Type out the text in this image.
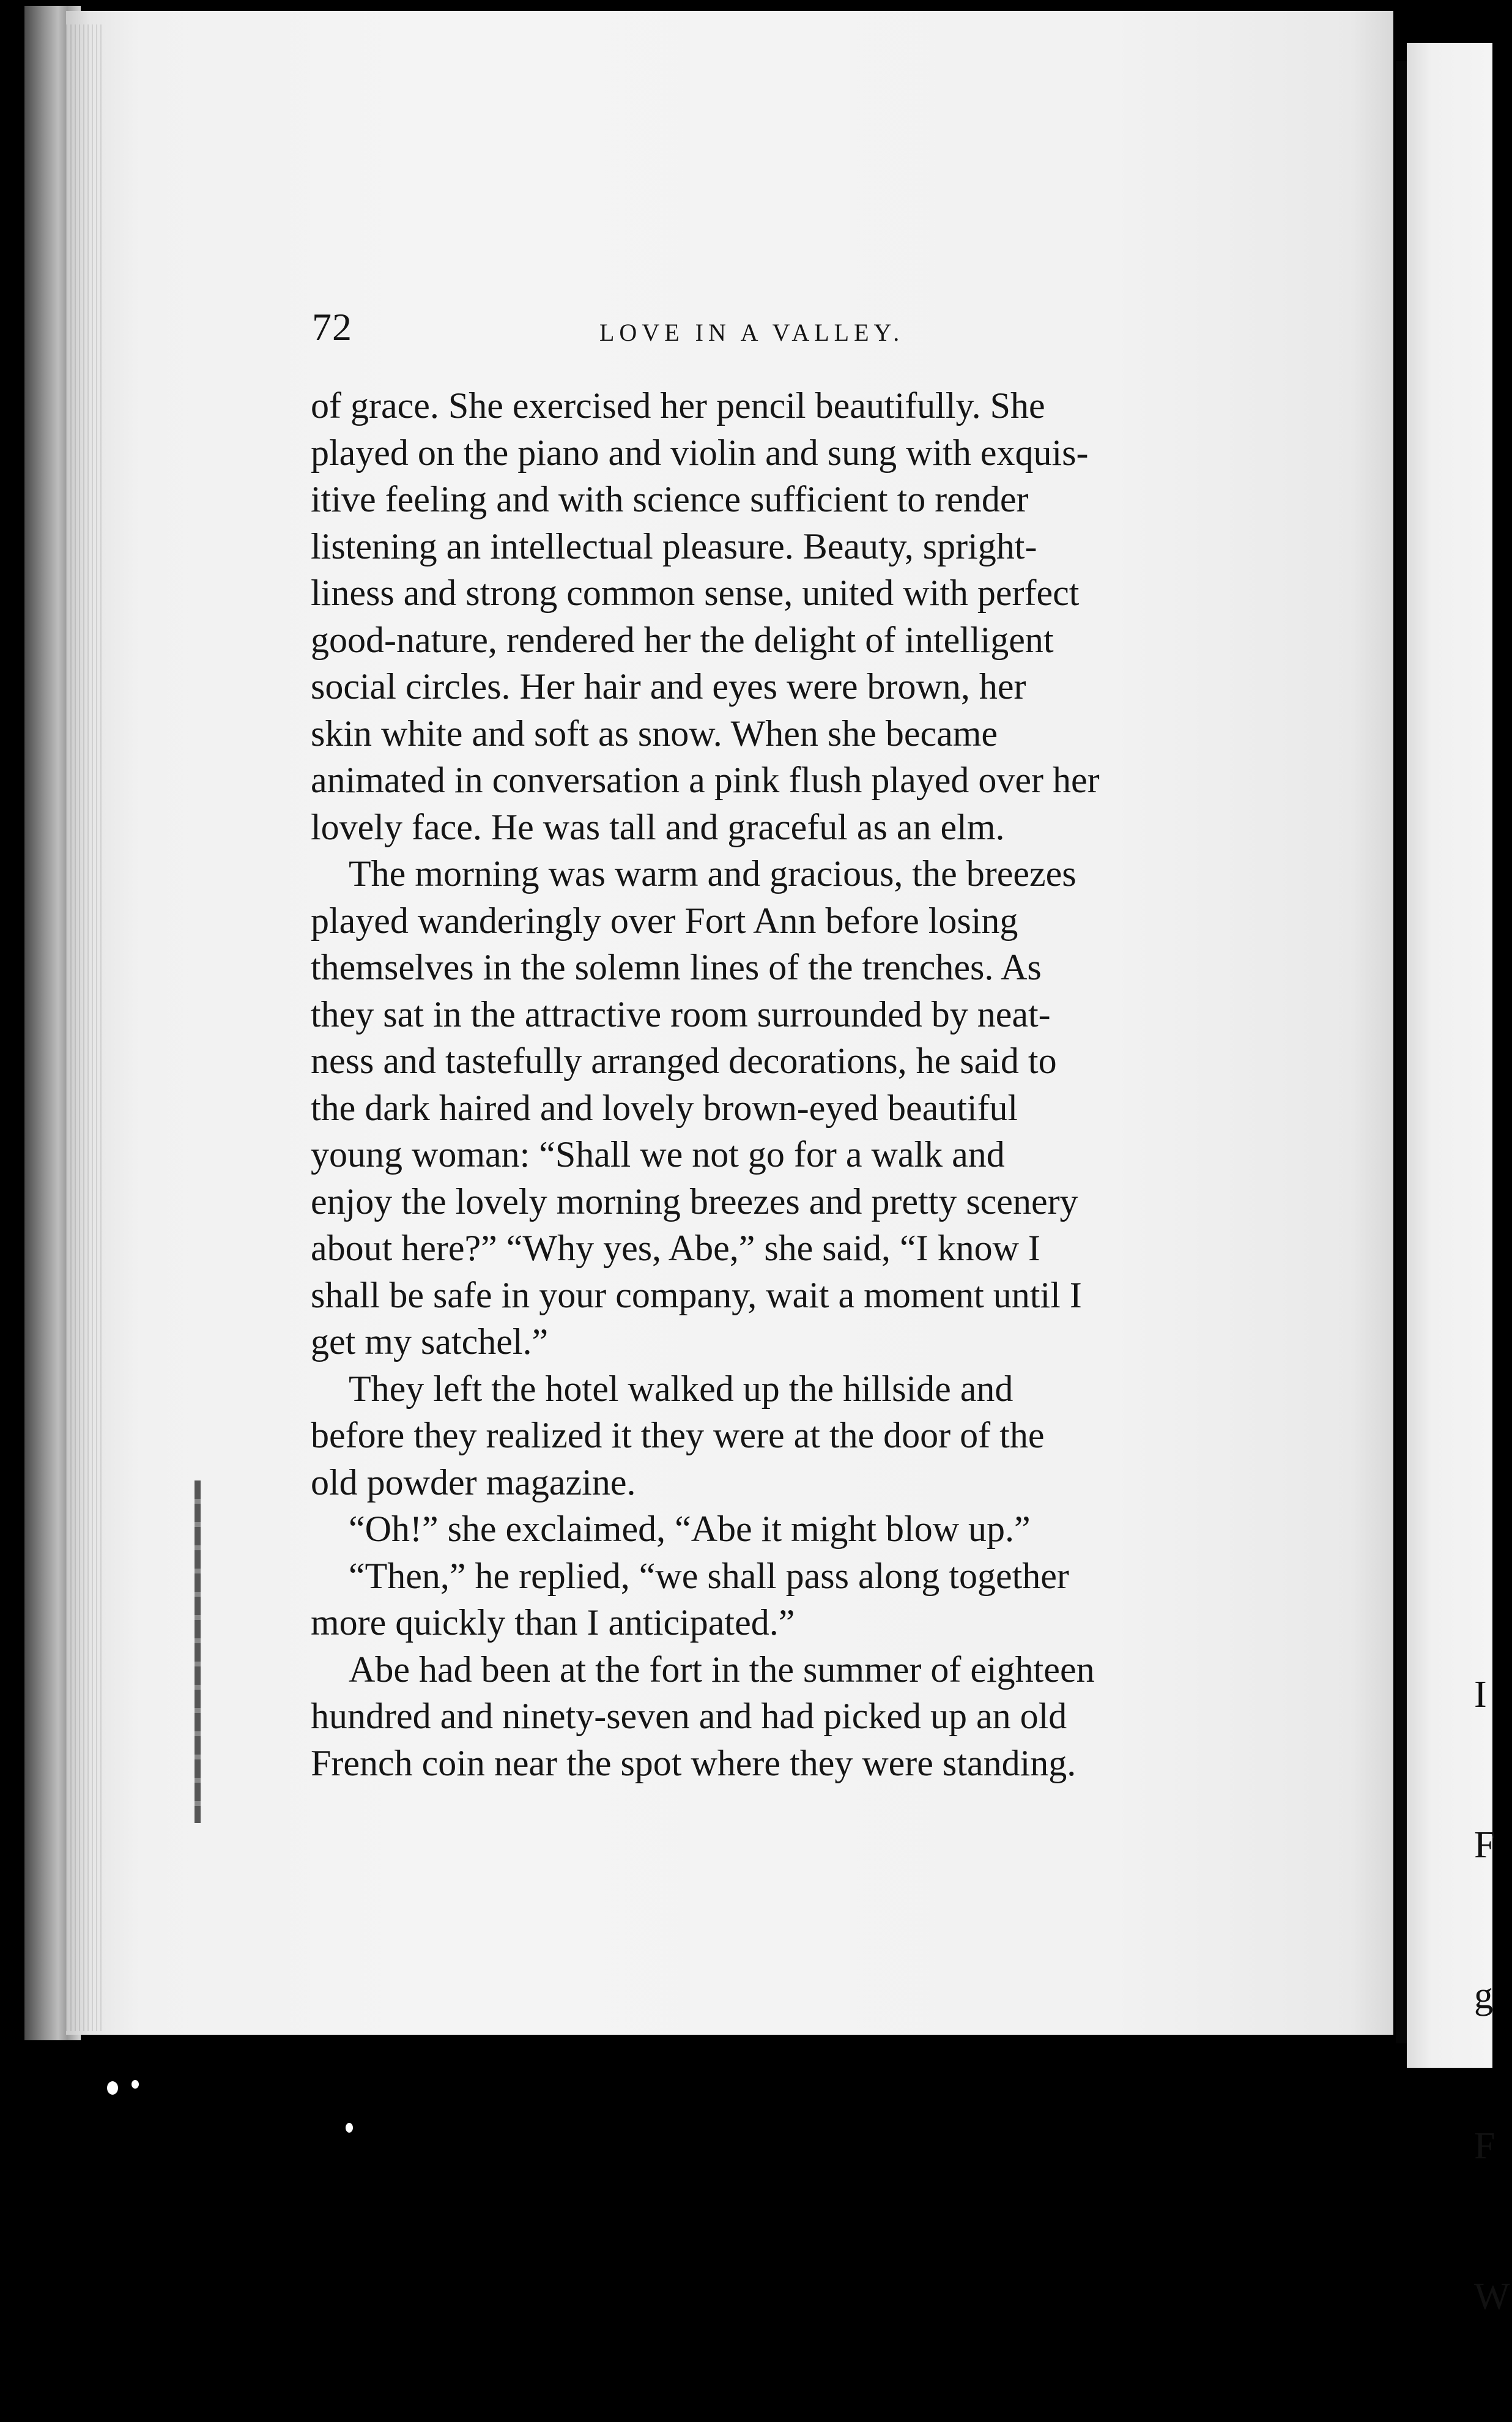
I

F

g

F

W

72	LOVE IN A VALLEY.

of grace. She exercised her pencil beautifully. She
played on the piano and violin and sung with exquis-
itive feeling and with science sufficient to render
listening an intellectual pleasure. Beauty, spright-
liness and strong common sense, united with perfect
good-nature, rendered her the delight of intelligent
social circles. Her hair and eyes were brown, her
skin white and soft as snow. When she became
animated in conversation a pink flush played over her
lovely face. He was tall and graceful as an elm.

The morning was warm and gracious, the breezes
played wanderingly over Fort Ann before losing
themselves in the solemn lines of the trenches. As
they sat in the attractive room surrounded by neat-
ness and tastefully arranged decorations, he said to
the dark haired and lovely brown-eyed beautiful
young woman: “Shall we not go for a walk and
enjoy the lovely morning breezes and pretty scenery
about here?” “Why yes, Abe,” she said, “I know I
shall be safe in your company, wait a moment until I
get my satchel.”

They left the hotel walked up the hillside and
before they realized it they were at the door of the
old powder magazine.

“Oh!” she exclaimed, “Abe it might blow up.”

“Then,” he replied, “we shall pass along together
more quickly than I anticipated.”

Abe had been at the fort in the summer of eighteen
hundred and ninety-seven and had picked up an old
French coin near the spot where they were standing.
